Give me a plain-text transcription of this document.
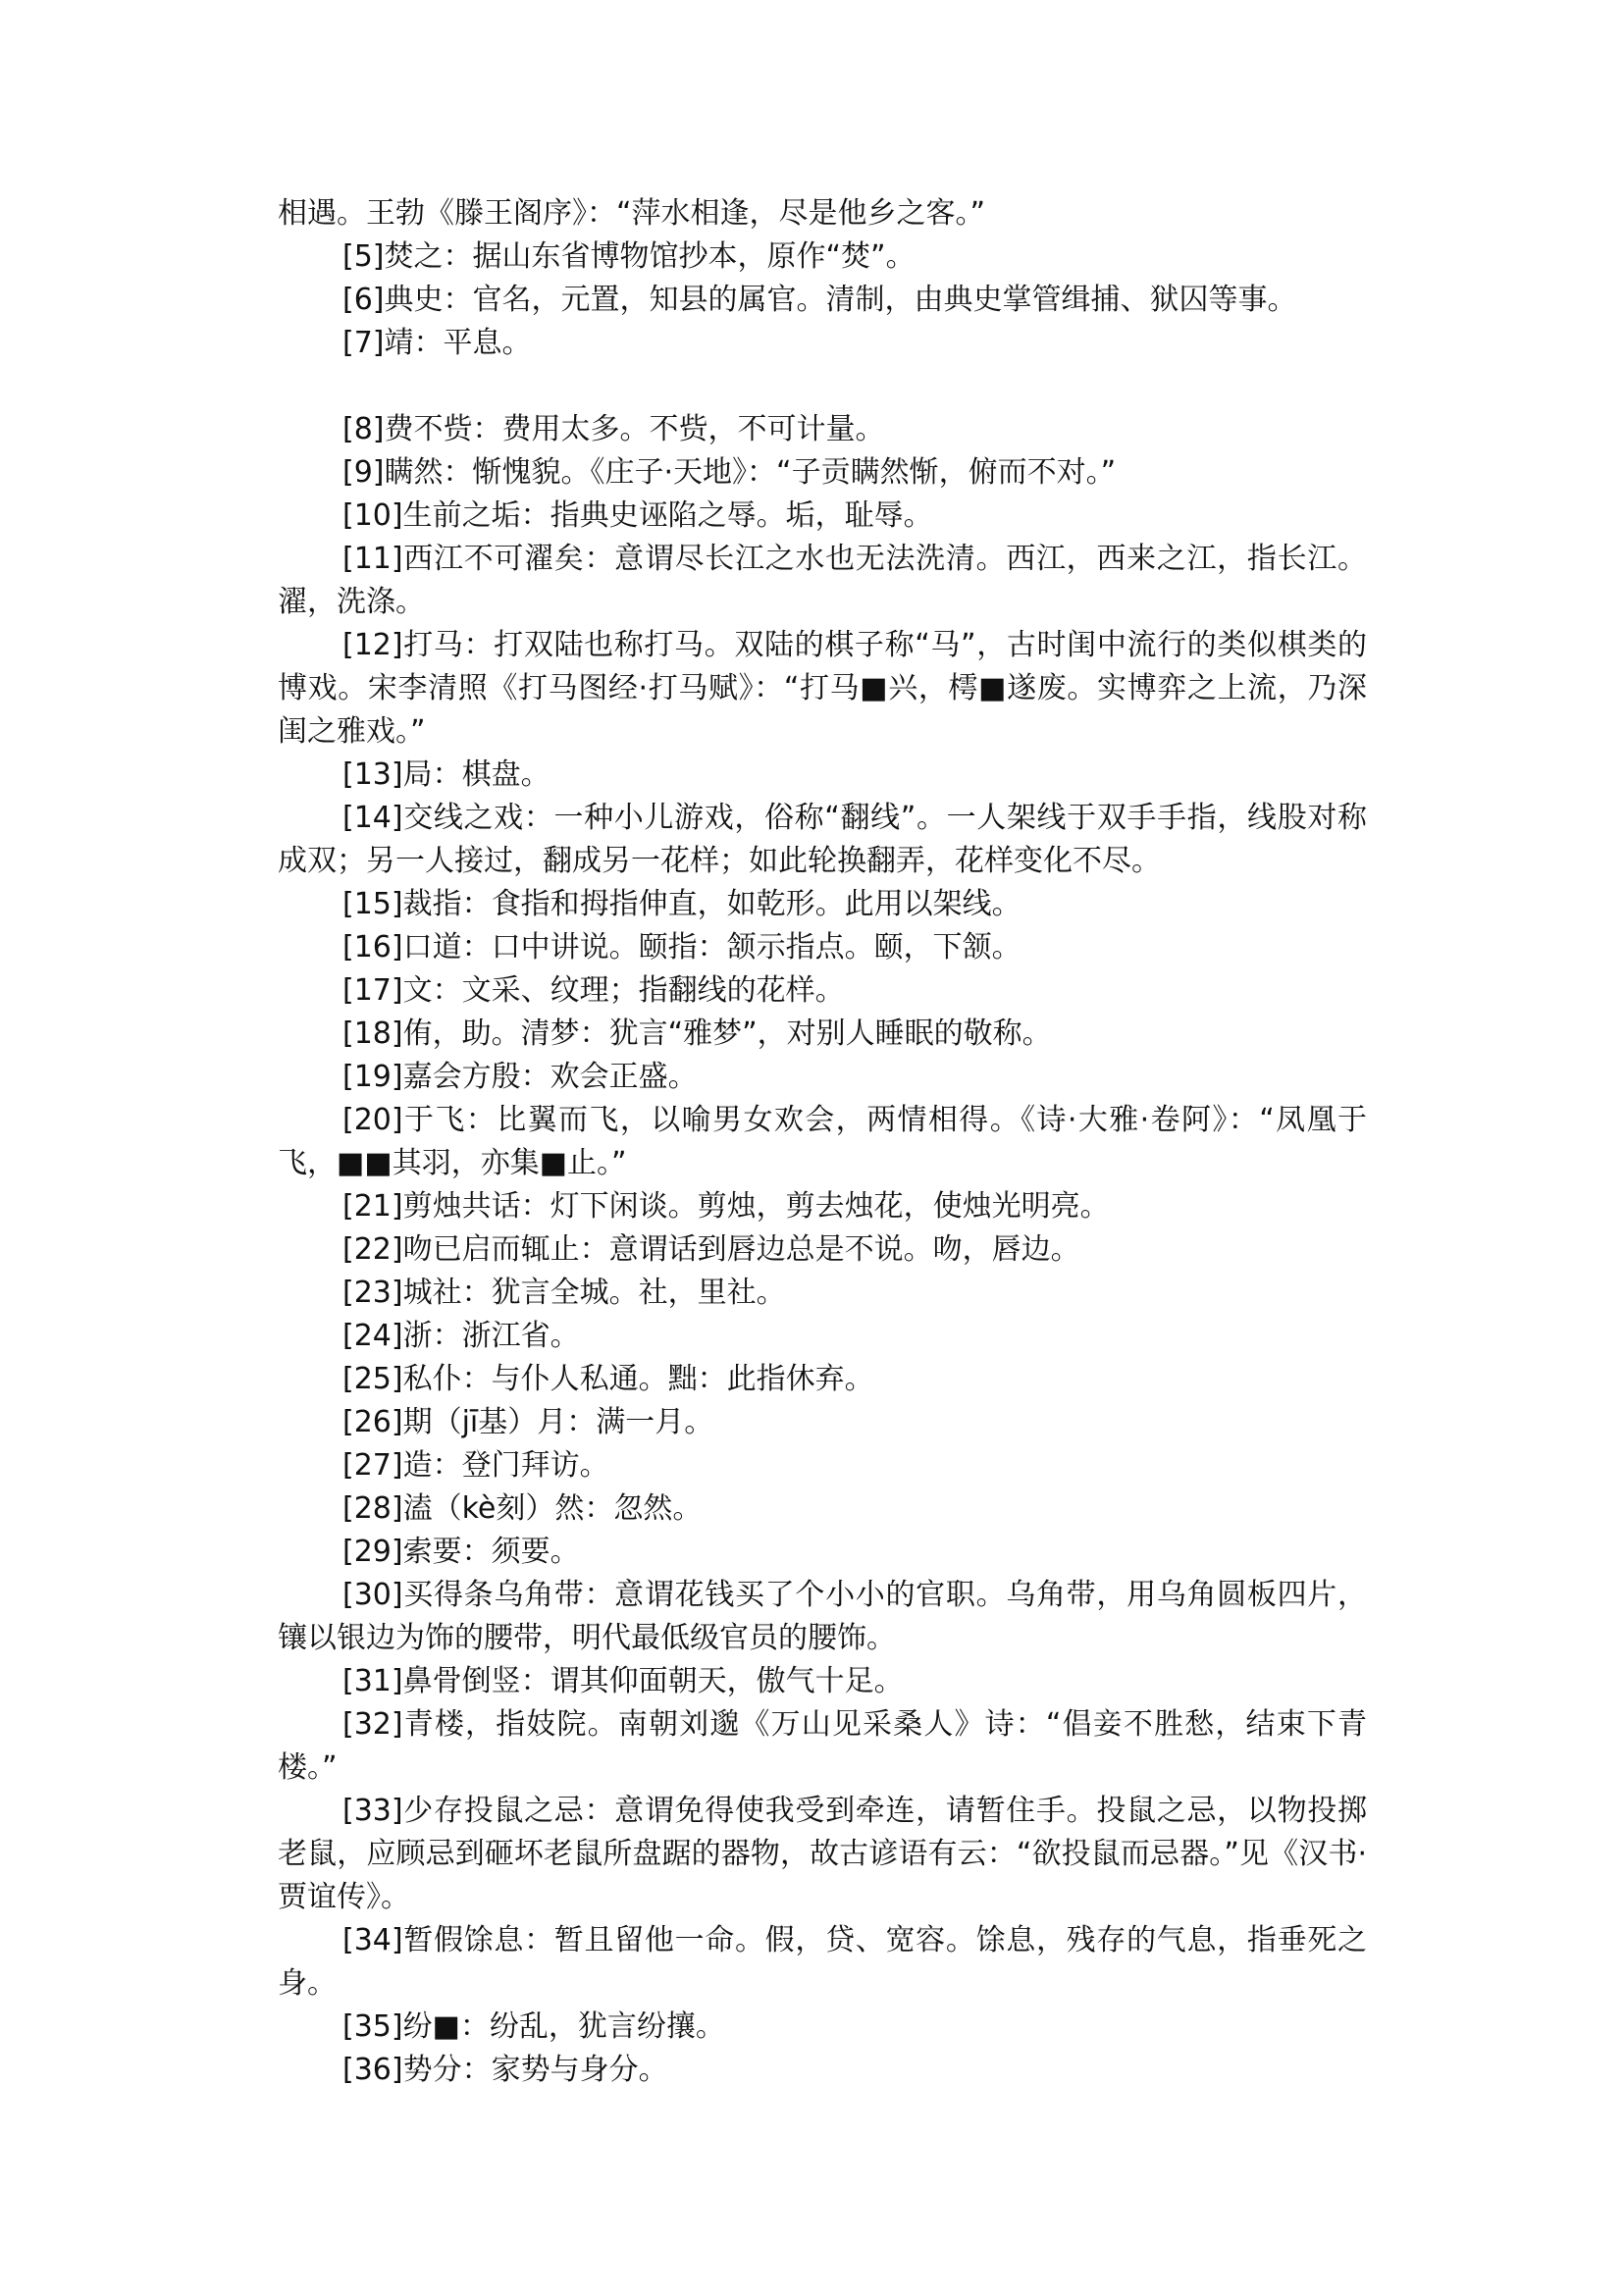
相遇。王勃《滕王阁序》：“萍水相逢，尽是他乡之客。”

[5]焚之：据山东省博物馆抄本，原作“焚”。

[6]典史：官名，元置，知县的属官。清制，由典史掌管缉捕、狱囚等事。

[7]靖：平息。

[8]费不赀：费用太多。不赀，不可计量。

[9]瞒然：惭愧貌。《庄子·天地》：“子贡瞒然惭，俯而不对。”

[10]生前之垢：指典史诬陷之辱。垢，耻辱。

[11]西江不可濯矣：意谓尽长江之水也无法洗清。西江，西来之江，指长江。濯，洗涤。

[12]打马：打双陆也称打马。双陆的棋子称“马”，古时闺中流行的类似棋类的博戏。宋李清照《打马图经·打马赋》：“打马■兴，樗■遂废。实博弈之上流，乃深闺之雅戏。”

[13]局：棋盘。

[14]交线之戏：一种小儿游戏，俗称“翻线”。一人架线于双手手指，线股对称成双；另一人接过，翻成另一花样；如此轮换翻弄，花样变化不尽。

[15]裁指：食指和拇指伸直，如乾形。此用以架线。

[16]口道：口中讲说。颐指：颔示指点。颐，下颔。

[17]文：文采、纹理；指翻线的花样。

[18]侑，助。清梦：犹言“雅梦”，对别人睡眠的敬称。

[19]嘉会方殷：欢会正盛。

[20]于飞：比翼而飞，以喻男女欢会，两情相得。《诗·大雅·卷阿》：“凤凰于飞，■■其羽，亦集■止。”

[21]剪烛共话：灯下闲谈。剪烛，剪去烛花，使烛光明亮。

[22]吻已启而辄止：意谓话到唇边总是不说。吻，唇边。

[23]城社：犹言全城。社，里社。

[24]浙：浙江省。

[25]私仆：与仆人私通。黜：此指休弃。

[26]期（jī基）月：满一月。

[27]造：登门拜访。

[28]溘（kè刻）然：忽然。

[29]索要：须要。

[30]买得条乌角带：意谓花钱买了个小小的官职。乌角带，用乌角圆板四片，镶以银边为饰的腰带，明代最低级官员的腰饰。

[31]鼻骨倒竖：谓其仰面朝天，傲气十足。

[32]青楼，指妓院。南朝刘邈《万山见采桑人》诗：“倡妾不胜愁，结束下青楼。”

[33]少存投鼠之忌：意谓免得使我受到牵连，请暂住手。投鼠之忌，以物投掷老鼠，应顾忌到砸坏老鼠所盘踞的器物，故古谚语有云：“欲投鼠而忌器。”见《汉书·贾谊传》。

[34]暂假馀息：暂且留他一命。假，贷、宽容。馀息，残存的气息，指垂死之身。

[35]纷■：纷乱，犹言纷攘。

[36]势分：家势与身分。
